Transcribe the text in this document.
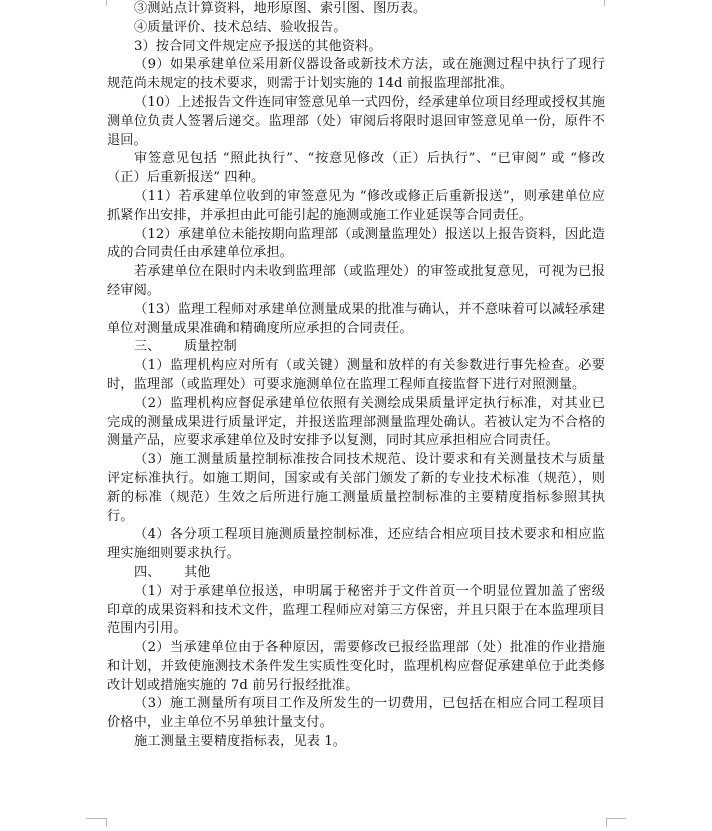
③测站点计算资料，地形原图、索引图、图历表。

④质量评价、技术总结、验收报告。

3）按合同文件规定应予报送的其他资料。

（9）如果承建单位采用新仪器设备或新技术方法，或在施测过程中执行了现行规范尚未规定的技术要求，则需于计划实施的 14d 前报监理部批准。

（10）上述报告文件连同审签意见单一式四份，经承建单位项目经理或授权其施测单位负责人签署后递交。监理部（处）审阅后将限时退回审签意见单一份，原件不退回。

审签意见包括 “照此执行”、“按意见修改（正）后执行”、“已审阅” 或 “修改（正）后重新报送” 四种。

（11）若承建单位收到的审签意见为 “修改或修正后重新报送”，则承建单位应抓紧作出安排，并承担由此可能引起的施测或施工作业延误等合同责任。

（12）承建单位未能按期向监理部（或测量监理处）报送以上报告资料，因此造成的合同责任由承建单位承担。

若承建单位在限时内未收到监理部（或监理处）的审签或批复意见，可视为已报经审阅。

（13）监理工程师对承建单位测量成果的批准与确认，并不意味着可以减轻承建单位对测量成果准确和精确度所应承担的合同责任。

三、 质量控制

（1）监理机构应对所有（或关键）测量和放样的有关参数进行事先检查。必要时，监理部（或监理处）可要求施测单位在监理工程师直接监督下进行对照测量。

（2）监理机构应督促承建单位依照有关测绘成果质量评定执行标准，对其业已完成的测量成果进行质量评定，并报送监理部测量监理处确认。若被认定为不合格的测量产品，应要求承建单位及时安排予以复测，同时其应承担相应合同责任。

（3）施工测量质量控制标准按合同技术规范、设计要求和有关测量技术与质量评定标准执行。如施工期间，国家或有关部门颁发了新的专业技术标准（规范），则新的标准（规范）生效之后所进行施工测量质量控制标准的主要精度指标参照其执行。

（4）各分项工程项目施测质量控制标准，还应结合相应项目技术要求和相应监理实施细则要求执行。

四、 其他

（1）对于承建单位报送，申明属于秘密并于文件首页一个明显位置加盖了密级印章的成果资料和技术文件，监理工程师应对第三方保密，并且只限于在本监理项目范围内引用。

（2）当承建单位由于各种原因，需要修改已报经监理部（处）批准的作业措施和计划，并致使施测技术条件发生实质性变化时，监理机构应督促承建单位于此类修改计划或措施实施的 7d 前另行报经批准。

（3）施工测量所有项目工作及所发生的一切费用，已包括在相应合同工程项目价格中，业主单位不另单独计量支付。

施工测量主要精度指标表，见表 1。
